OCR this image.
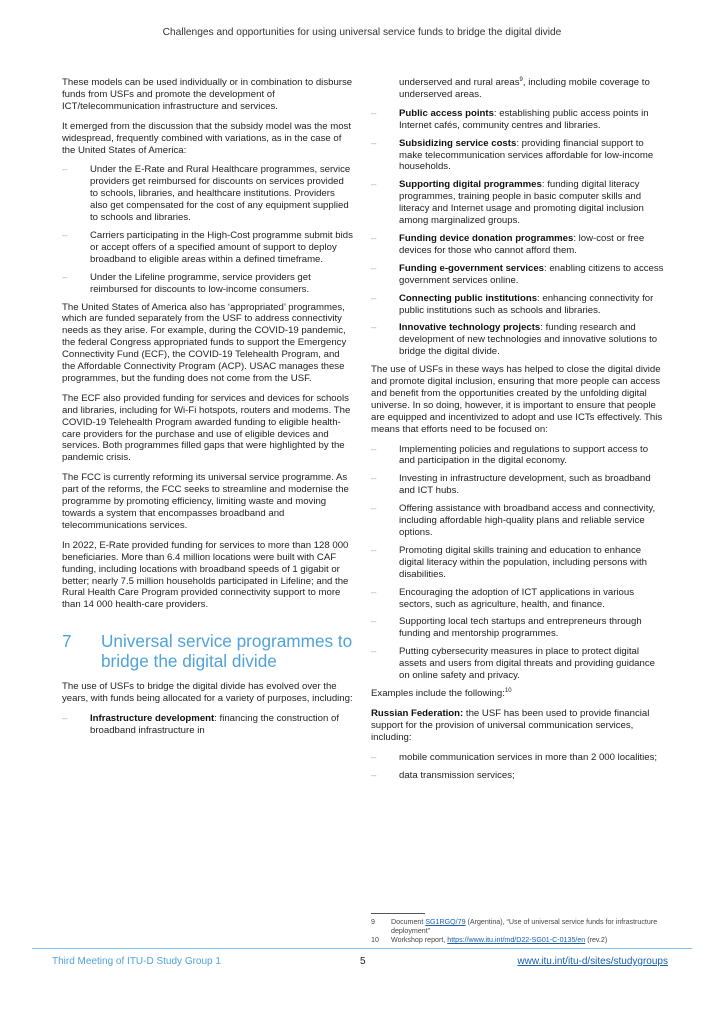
Challenges and opportunities for using universal service funds to bridge the digital divide

These models can be used individually or in combination to disburse funds from USFs and promote the development of ICT/telecommunication infrastructure and services.

It emerged from the discussion that the subsidy model was the most widespread, frequently combined with variations, as in the case of the United States of America:

– Under the E-Rate and Rural Healthcare programmes, service providers get reimbursed for discounts on services provided to schools, libraries, and healthcare institutions. Providers also get compensated for the cost of any equipment supplied to schools and libraries.
– Carriers participating in the High-Cost programme submit bids or accept offers of a specified amount of support to deploy broadband to eligible areas within a defined timeframe.
– Under the Lifeline programme, service providers get reimbursed for discounts to low-income consumers.

The United States of America also has ‘appropriated’ programmes, which are funded separately from the USF to address connectivity needs as they arise. For example, during the COVID-19 pandemic, the federal Congress appropriated funds to support the Emergency Connectivity Fund (ECF), the COVID-19 Telehealth Program, and the Affordable Connectivity Program (ACP). USAC manages these programmes, but the funding does not come from the USF.

The ECF also provided funding for services and devices for schools and libraries, including for Wi-Fi hotspots, routers and modems. The COVID-19 Telehealth Program awarded funding to eligible health-care providers for the purchase and use of eligible devices and services. Both programmes filled gaps that were highlighted by the pandemic crisis.

The FCC is currently reforming its universal service programme. As part of the reforms, the FCC seeks to streamline and modernise the programme by promoting efficiency, limiting waste and moving towards a system that encompasses broadband and telecommunications services.

In 2022, E-Rate provided funding for services to more than 128 000 beneficiaries. More than 6.4 million locations were built with CAF funding, including locations with broadband speeds of 1 gigabit or better; nearly 7.5 million households participated in Lifeline; and the Rural Health Care Program provided connectivity support to more than 14 000 health-care providers.

7	Universal service programmes to bridge the digital divide

The use of USFs to bridge the digital divide has evolved over the years, with funds being allocated for a variety of purposes, including:

– Infrastructure development: financing the construction of broadband infrastructure in
underserved and rural areas$^9$, including mobile coverage to underserved areas.
– Public access points: establishing public access points in Internet cafés, community centres and libraries.
– Subsidizing service costs: providing financial support to make telecommunication services affordable for low-income households.
– Supporting digital programmes: funding digital literacy programmes, training people in basic computer skills and literacy and Internet usage and promoting digital inclusion among marginalized groups.
– Funding device donation programmes: low-cost or free devices for those who cannot afford them.
– Funding e-government services: enabling citizens to access government services online.
– Connecting public institutions: enhancing connectivity for public institutions such as schools and libraries.
– Innovative technology projects: funding research and development of new technologies and innovative solutions to bridge the digital divide.

The use of USFs in these ways has helped to close the digital divide and promote digital inclusion, ensuring that more people can access and benefit from the opportunities created by the unfolding digital universe. In so doing, however, it is important to ensure that people are equipped and incentivized to adopt and use ICTs effectively. This means that efforts need to be focused on:

– Implementing policies and regulations to support access to and participation in the digital economy.
– Investing in infrastructure development, such as broadband and ICT hubs.
– Offering assistance with broadband access and connectivity, including affordable high-quality plans and reliable service options.
– Promoting digital skills training and education to enhance digital literacy within the population, including persons with disabilities.
– Encouraging the adoption of ICT applications in various sectors, such as agriculture, health, and finance.
– Supporting local tech startups and entrepreneurs through funding and mentorship programmes.
– Putting cybersecurity measures in place to protect digital assets and users from digital threats and providing guidance on online safety and privacy.

Examples include the following:$^{10}$

Russian Federation: the USF has been used to provide financial support for the provision of universal communication services, including:

– mobile communication services in more than 2 000 localities;
– data transmission services;
9 Document SG1RGQ/79 (Argentina), “Use of universal service funds for infrastructure deployment”
10 Workshop report, https://www.itu.int/md/D22-SG01-C-0135/en (rev.2)
Third Meeting of ITU-D Study Group 1	5	www.itu.int/itu-d/sites/studygroups
